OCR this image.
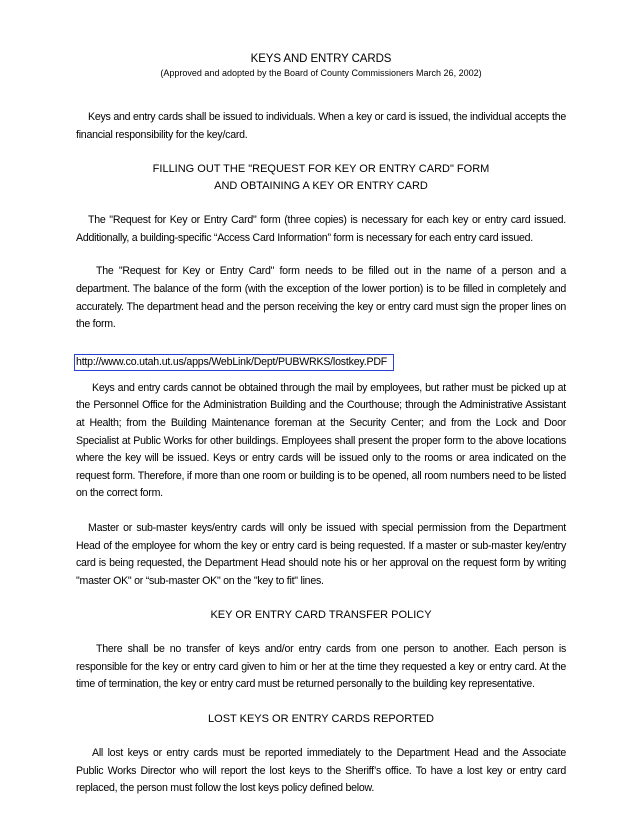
KEYS AND ENTRY CARDS
(Approved and adopted by the Board of County Commissioners March 26, 2002)

Keys and entry cards shall be issued to individuals. When a key or card is issued, the individual accepts the financial responsibility for the key/card.

FILLING OUT THE "REQUEST FOR KEY OR ENTRY CARD" FORM
AND OBTAINING A KEY OR ENTRY CARD

The "Request for Key or Entry Card" form (three copies) is necessary for each key or entry card issued. Additionally, a building-specific “Access Card Information” form is necessary for each entry card issued.

The "Request for Key or Entry Card" form needs to be filled out in the name of a person and a department. The balance of the form (with the exception of the lower portion) is to be filled in completely and accurately. The department head and the person receiving the key or entry card must sign the proper lines on the form.

http://www.co.utah.ut.us/apps/WebLink/Dept/PUBWRKS/lostkey.PDF

Keys and entry cards cannot be obtained through the mail by employees, but rather must be picked up at the Personnel Office for the Administration Building and the Courthouse; through the Administrative Assistant at Health; from the Building Maintenance foreman at the Security Center; and from the Lock and Door Specialist at Public Works for other buildings. Employees shall present the proper form to the above locations where the key will be issued. Keys or entry cards will be issued only to the rooms or area indicated on the request form. Therefore, if more than one room or building is to be opened, all room numbers need to be listed on the correct form.

Master or sub-master keys/entry cards will only be issued with special permission from the Department Head of the employee for whom the key or entry card is being requested. If a master or sub-master key/entry card is being requested, the Department Head should note his or her approval on the request form by writing "master OK" or “sub-master OK" on the "key to fit" lines.

KEY OR ENTRY CARD TRANSFER POLICY

There shall be no transfer of keys and/or entry cards from one person to another. Each person is responsible for the key or entry card given to him or her at the time they requested a key or entry card. At the time of termination, the key or entry card must be returned personally to the building key representative.

LOST KEYS OR ENTRY CARDS REPORTED

All lost keys or entry cards must be reported immediately to the Department Head and the Associate Public Works Director who will report the lost keys to the Sheriff’s office. To have a lost key or entry card replaced, the person must follow the lost keys policy defined below.
